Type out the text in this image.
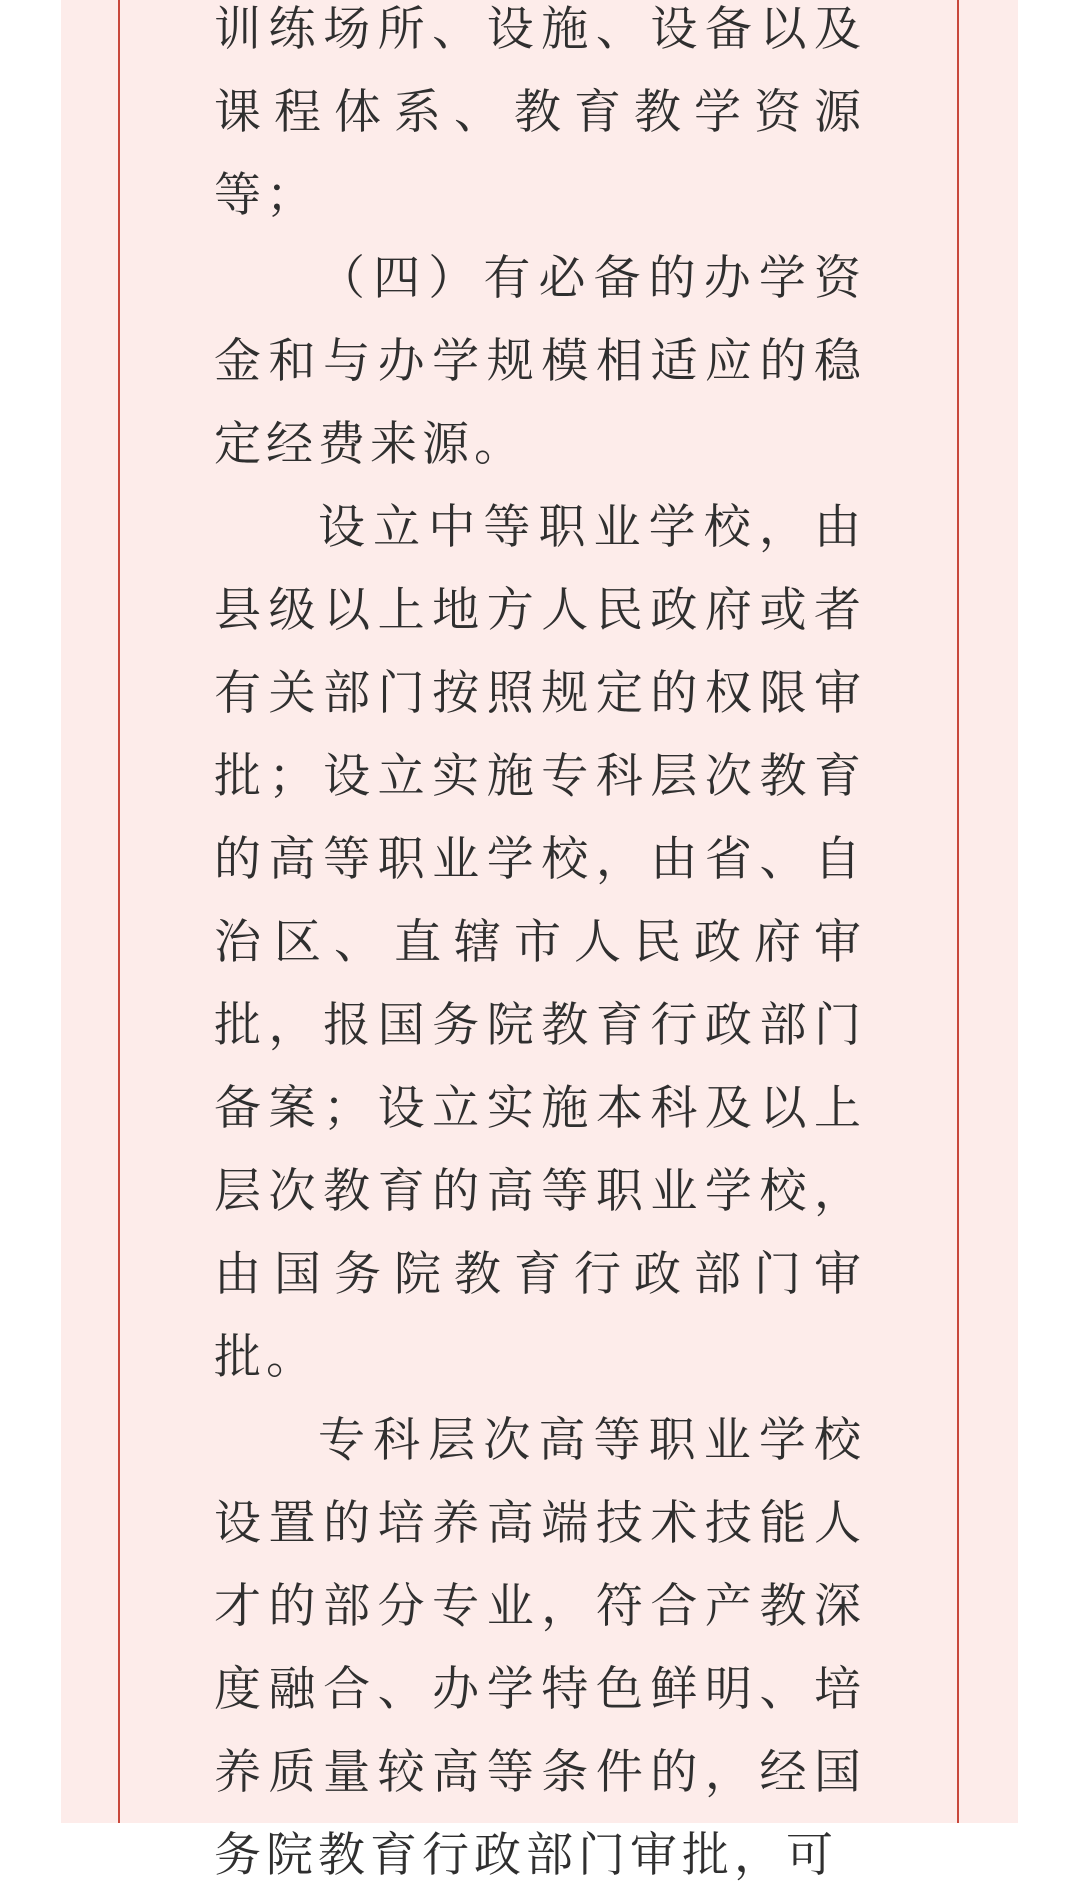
训练场所、设施、设备以及课程体系、教育教学资源等；

（四）有必备的办学资金和与办学规模相适应的稳定经费来源。

设立中等职业学校，由县级以上地方人民政府或者有关部门按照规定的权限审批；设立实施专科层次教育的高等职业学校，由省、自治区、直辖市人民政府审批，报国务院教育行政部门备案；设立实施本科及以上层次教育的高等职业学校，由国务院教育行政部门审批。

专科层次高等职业学校设置的培养高端技术技能人才的部分专业，符合产教深度融合、办学特色鲜明、培养质量较高等条件的，经国务院教育行政部门审批，可
